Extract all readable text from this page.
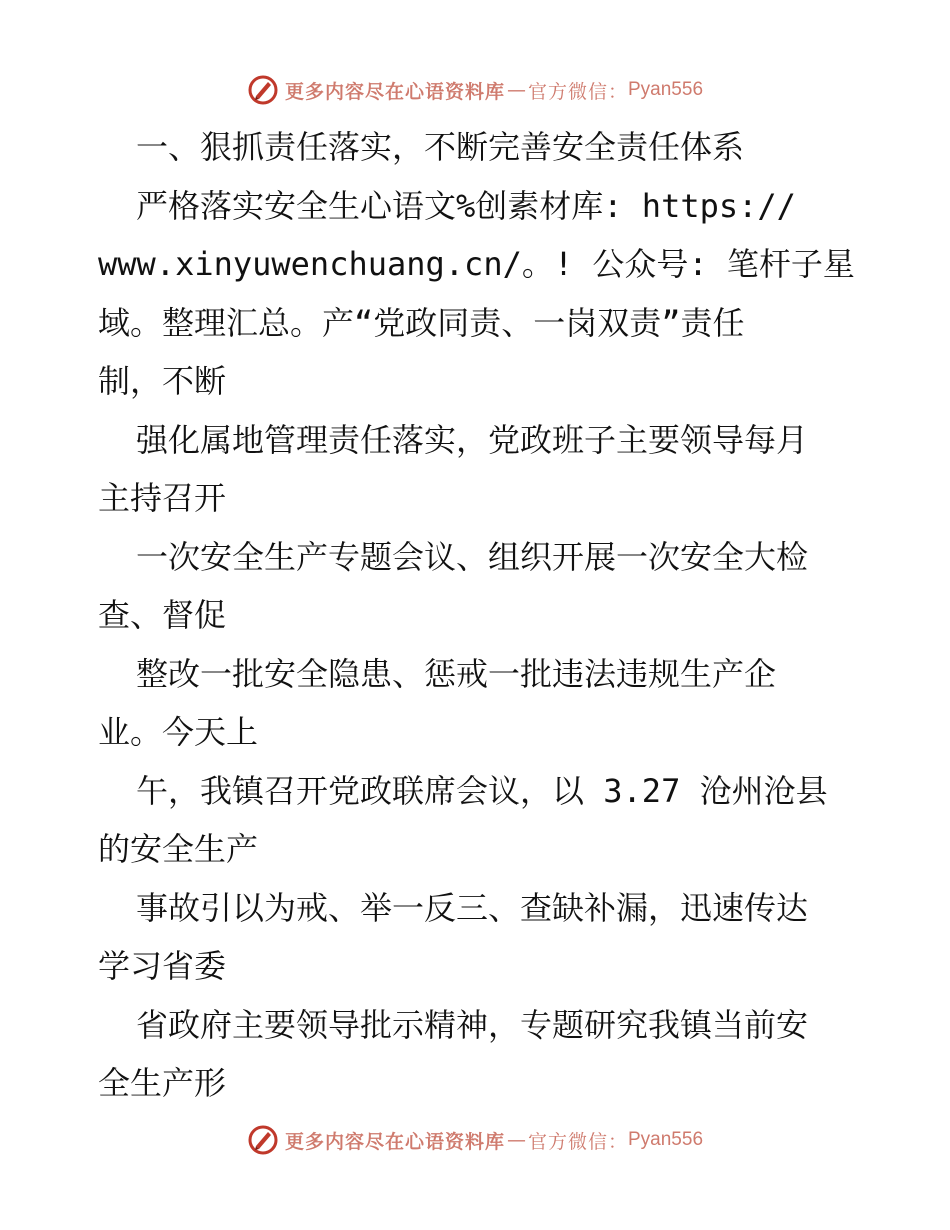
更多内容尽在心语资料库 — 官方微信： Pyan556

一、狠抓责任落实，不断完善安全责任体系

严格落实安全生心语文%创素材库: https://

www.xinyuwenchuang.cn/。! 公众号: 笔杆子星

域。整理汇总。产“党政同责、一岗双责”责任

制，不断

强化属地管理责任落实，党政班子主要领导每月

主持召开

一次安全生产专题会议、组织开展一次安全大检

查、督促

整改一批安全隐患、惩戒一批违法违规生产企

业。今天上

午，我镇召开党政联席会议，以 3.27 沧州沧县

的安全生产

事故引以为戒、举一反三、查缺补漏，迅速传达

学习省委

省政府主要领导批示精神，专题研究我镇当前安

全生产形

更多内容尽在心语资料库 — 官方微信： Pyan556
